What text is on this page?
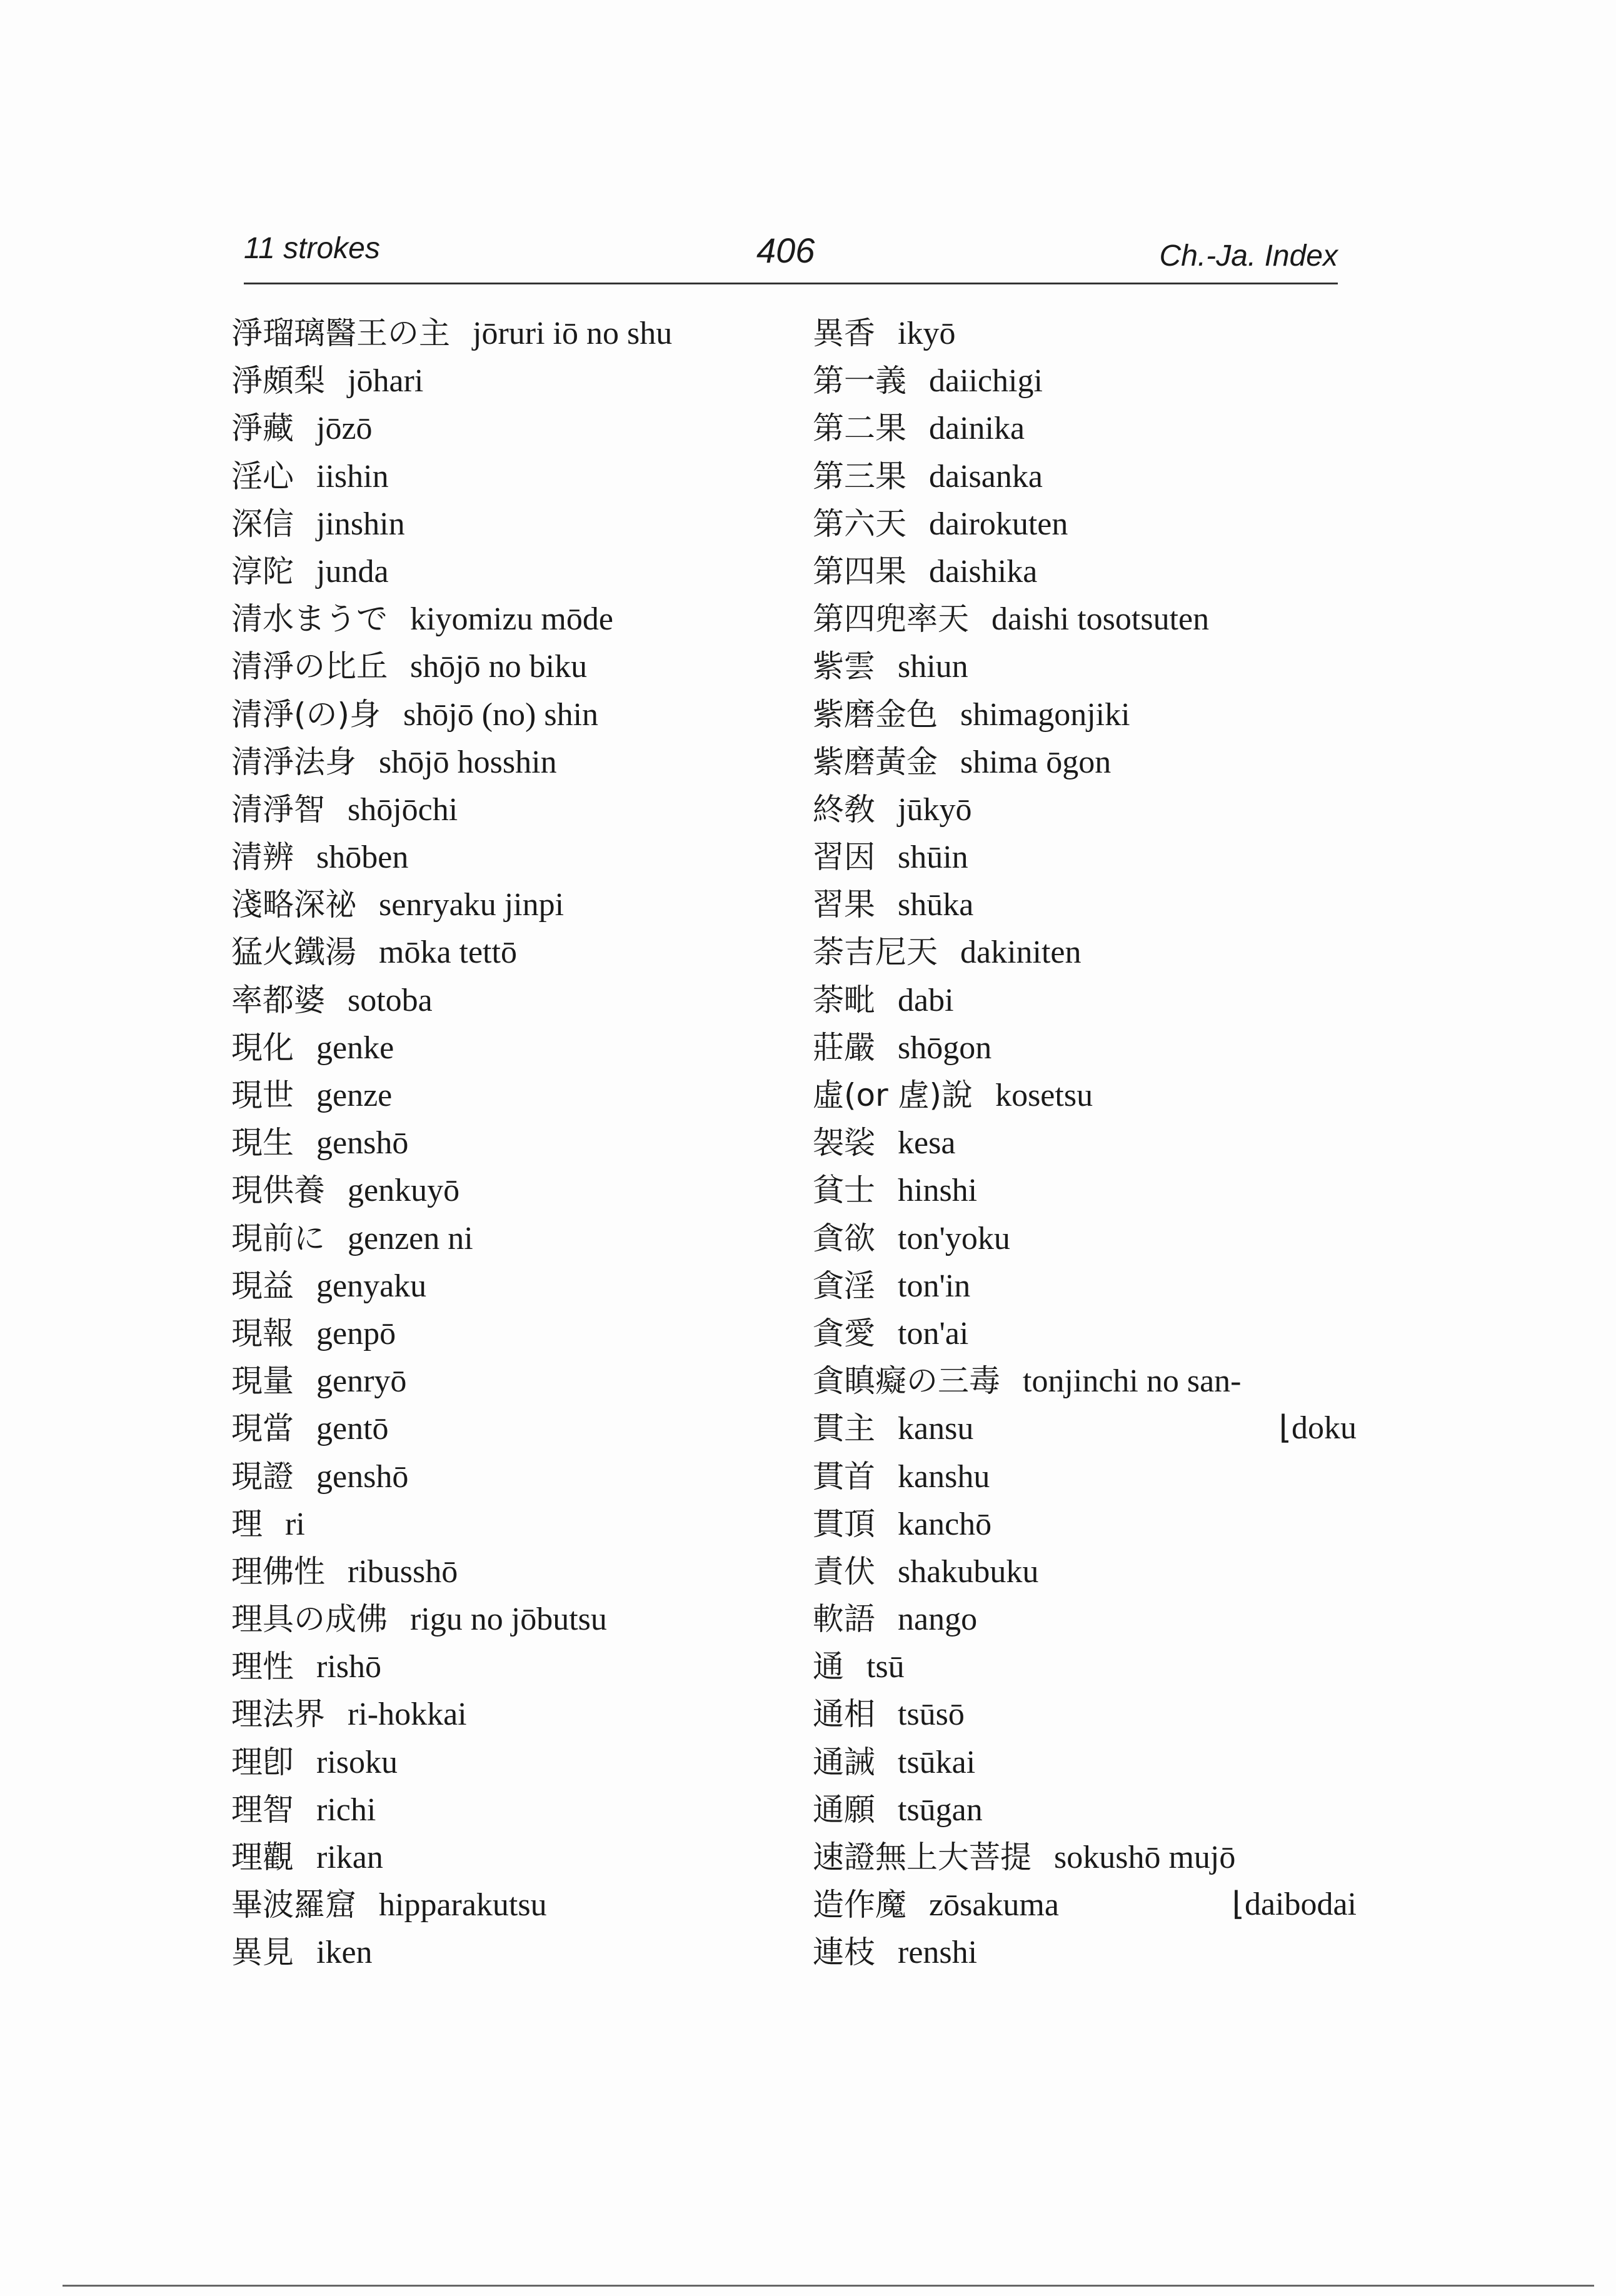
11 strokes	406	Ch.-Ja. Index
淨瑠璃醫王の主 jōruri iō no shu
淨頗梨 jōhari
淨藏 jōzō
淫心 iishin
深信 jinshin
淳陀 junda
清水まうで kiyomizu mōde
清淨の比丘 shōjō no biku
清淨(の)身 shōjō (no) shin
清淨法身 shōjō hosshin
清淨智 shōjōchi
清辨 shōben
淺略深祕 senryaku jinpi
猛火鐵湯 mōka tettō
率都婆 sotoba
現化 genke
現世 genze
現生 genshō
現供養 genkuyō
現前に genzen ni
現益 genyaku
現報 genpō
現量 genryō
現當 gentō
現證 genshō
理 ri
理佛性 ribusshō
理具の成佛 rigu no jōbutsu
理性 rishō
理法界 ri-hokkai
理卽 risoku
理智 richi
理觀 rikan
畢波羅窟 hipparakutsu
異見 iken
異香 ikyō
第一義 daiichigi
第二果 dainika
第三果 daisanka
第六天 dairokuten
第四果 daishika
第四兜率天 daishi tosotsuten
紫雲 shiun
紫磨金色 shimagonjiki
紫磨黃金 shima ōgon
終敎 jūkyō
習因 shūin
習果 shūka
荼吉尼天 dakiniten
荼毗 dabi
莊嚴 shōgon
虛(or 虗)說 kosetsu
袈裟 kesa
貧士 hinshi
貪欲 ton'yoku
貪淫 ton'in
貪愛 ton'ai
貪瞋癡の三毒 tonjinchi no san-
貫主 kansu	⌊doku
貫首 kanshu
貫頂 kanchō
責伏 shakubuku
軟語 nango
通 tsū
通相 tsūsō
通誡 tsūkai
通願 tsūgan
速證無上大菩提 sokushō mujō
造作魔 zōsakuma	⌊daibodai
連枝 renshi
